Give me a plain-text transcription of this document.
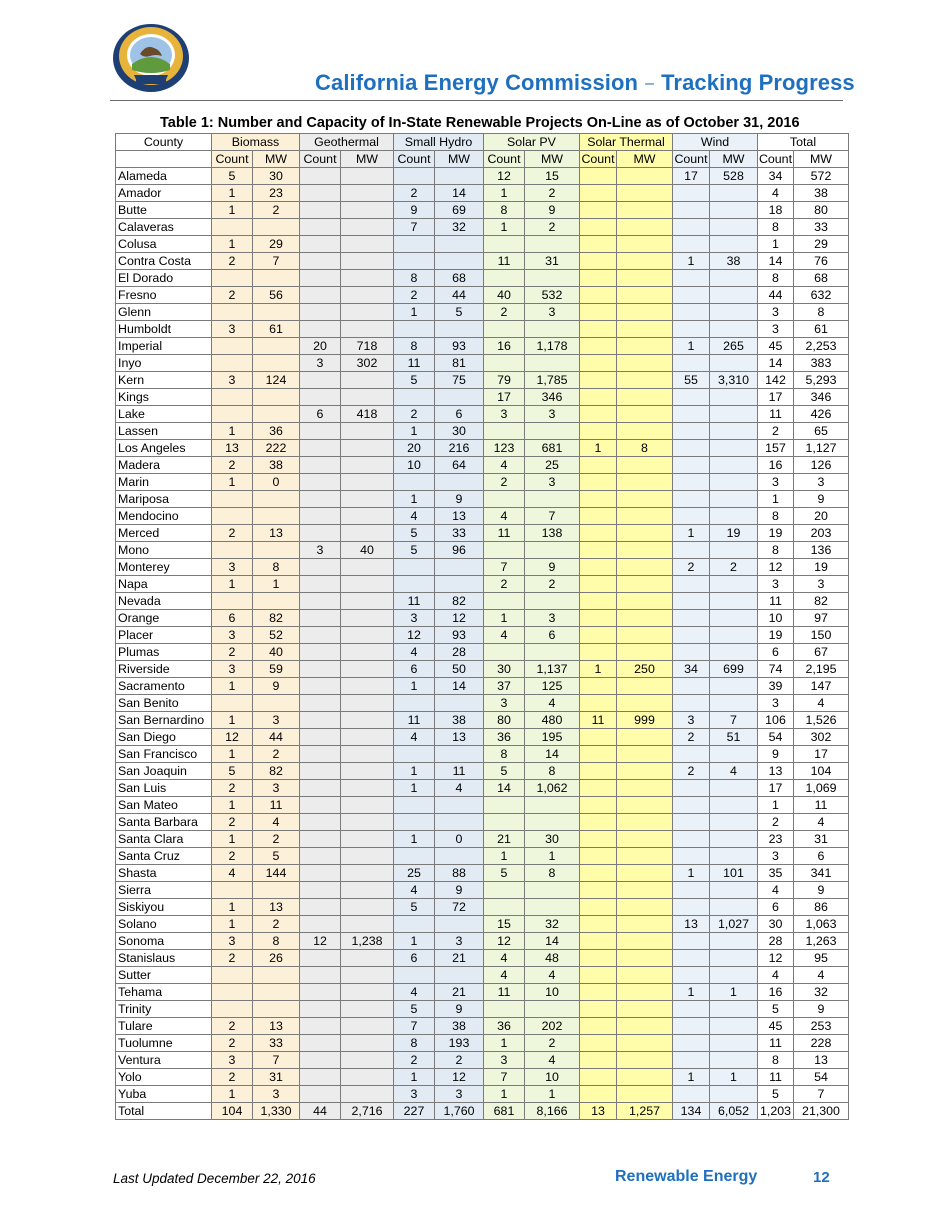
California Energy Commission – Tracking Progress
Table 1: Number and Capacity of In-State Renewable Projects On-Line as of October 31, 2016
County	Biomass		Geothermal		Small Hydro		Solar PV		Solar Thermal		Wind		Total	
	Count	MW	Count	MW	Count	MW	Count	MW	Count	MW	Count	MW	Count	MW
Alameda	5	30					12	15			17	528	34	572
Amador	1	23			2	14	1	2					4	38
Butte	1	2			9	69	8	9					18	80
Calaveras					7	32	1	2					8	33
Colusa	1	29											1	29
Contra Costa	2	7					11	31			1	38	14	76
El Dorado					8	68							8	68
Fresno	2	56			2	44	40	532					44	632
Glenn					1	5	2	3					3	8
Humboldt	3	61											3	61
Imperial			20	718	8	93	16	1,178			1	265	45	2,253
Inyo			3	302	11	81							14	383
Kern	3	124			5	75	79	1,785			55	3,310	142	5,293
Kings							17	346					17	346
Lake			6	418	2	6	3	3					11	426
Lassen	1	36			1	30							2	65
Los Angeles	13	222			20	216	123	681	1	8			157	1,127
Madera	2	38			10	64	4	25					16	126
Marin	1	0					2	3					3	3
Mariposa					1	9							1	9
Mendocino					4	13	4	7					8	20
Merced	2	13			5	33	11	138			1	19	19	203
Mono			3	40	5	96							8	136
Monterey	3	8					7	9			2	2	12	19
Napa	1	1					2	2					3	3
Nevada					11	82							11	82
Orange	6	82			3	12	1	3					10	97
Placer	3	52			12	93	4	6					19	150
Plumas	2	40			4	28							6	67
Riverside	3	59			6	50	30	1,137	1	250	34	699	74	2,195
Sacramento	1	9			1	14	37	125					39	147
San Benito							3	4					3	4
San Bernardino	1	3			11	38	80	480	11	999	3	7	106	1,526
San Diego	12	44			4	13	36	195			2	51	54	302
San Francisco	1	2					8	14					9	17
San Joaquin	5	82			1	11	5	8			2	4	13	104
San Luis	2	3			1	4	14	1,062					17	1,069
San Mateo	1	11											1	11
Santa Barbara	2	4											2	4
Santa Clara	1	2			1	0	21	30					23	31
Santa Cruz	2	5					1	1					3	6
Shasta	4	144			25	88	5	8			1	101	35	341
Sierra					4	9							4	9
Siskiyou	1	13			5	72							6	86
Solano	1	2					15	32			13	1,027	30	1,063
Sonoma	3	8	12	1,238	1	3	12	14					28	1,263
Stanislaus	2	26			6	21	4	48					12	95
Sutter							4	4					4	4
Tehama					4	21	11	10			1	1	16	32
Trinity					5	9							5	9
Tulare	2	13			7	38	36	202					45	253
Tuolumne	2	33			8	193	1	2					11	228
Ventura	3	7			2	2	3	4					8	13
Yolo	2	31			1	12	7	10			1	1	11	54
Yuba	1	3			3	3	1	1					5	7
Total	104	1,330	44	2,716	227	1,760	681	8,166	13	1,257	134	6,052	1,203	21,300
Last Updated December 22, 2016	Renewable Energy	12
